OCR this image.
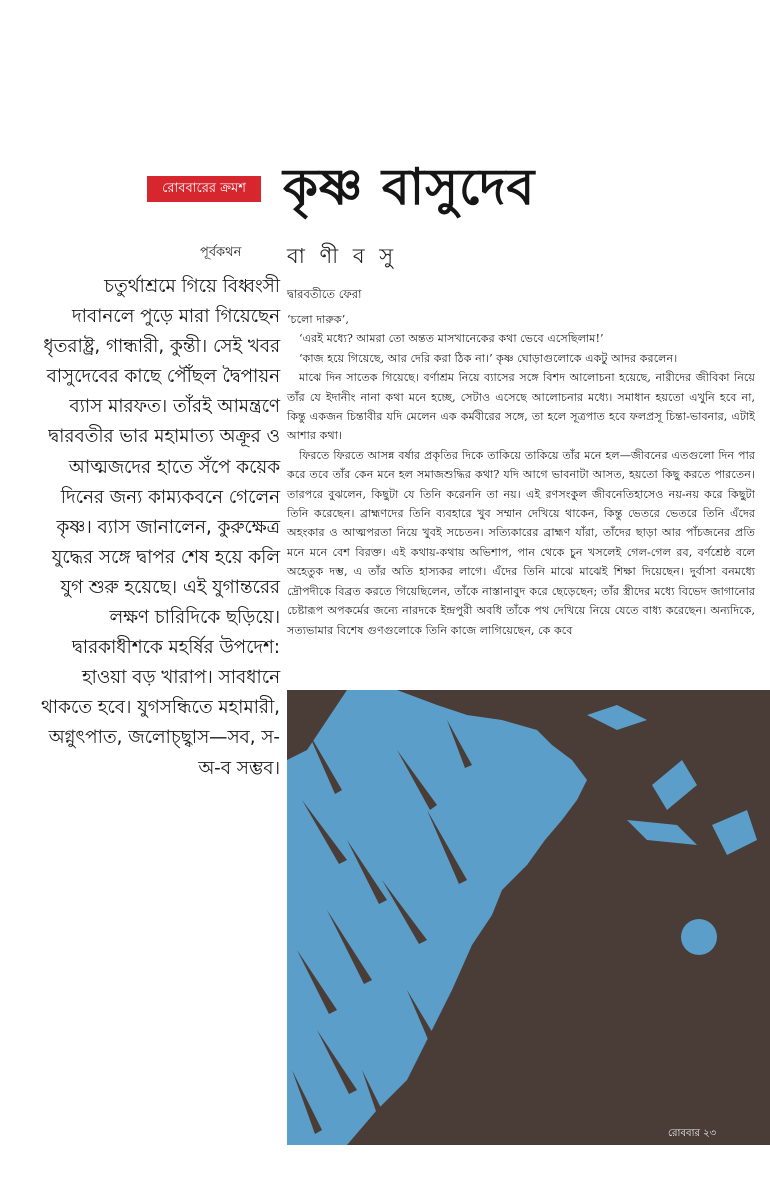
রোববারের ক্রমশ কৃষ্ণ বাসুদেব
পূর্বকথন বা ণী ব সু
চতুর্থাশ্রমে গিয়ে বিধ্বংসী দাবানলে পুড়ে মারা গিয়েছেন ধৃতরাষ্ট্র, গান্ধারী, কুন্তী। সেই খবর বাসুদেবের কাছে পৌঁছল দ্বৈপায়ন ব্যাস মারফত। তাঁরই আমন্ত্রণে দ্বারবতীর ভার মহামাত্য অক্রূর ও আত্মজদের হাতে সঁপে কয়েক দিনের জন্য কাম্যকবনে গেলেন কৃষ্ণ। ব্যাস জানালেন, কুরুক্ষেত্র যুদ্ধের সঙ্গে দ্বাপর শেষ হয়ে কলি যুগ শুরু হয়েছে। এই যুগান্তরের লক্ষণ চারিদিকে ছড়িয়ে। দ্বারকাধীশকে মহর্ষির উপদেশ: হাওয়া বড় খারাপ। সাবধানে থাকতে হবে। যুগসন্ধিতে মহামারী, অগ্নুৎপাত, জলোচ্ছ্বাস—সব, স-অ-ব সম্ভব।
দ্বারবতীতে ফেরা

‘চলো দারুক’,

‘এরই মধ্যে? আমরা তো অন্তত মাসখানেকের কথা ভেবে এসেছিলাম!’

‘কাজ হয়ে গিয়েছে, আর দেরি করা ঠিক না।’ কৃষ্ণ ঘোড়াগুলোকে একটু আদর করলেন।

মাঝে দিন সাতেক গিয়েছে। বর্ণাশ্রম নিয়ে ব্যাসের সঙ্গে বিশদ আলোচনা হয়েছে, নারীদের জীবিকা নিয়ে তাঁর যে ইদানীং নানা কথা মনে হচ্ছে, সেটাও এসেছে আলোচনার মধ্যে। সমাধান হয়তো এখুনি হবে না, কিন্তু একজন চিন্তাবীর যদি মেলেন এক কর্মবীরের সঙ্গে, তা হলে সূত্রপাত হবে ফলপ্রসূ চিন্তা-ভাবনার, এটাই আশার কথা।

ফিরতে ফিরতে আসন্ন বর্ষার প্রকৃতির দিকে তাকিয়ে তাকিয়ে তাঁর মনে হল—জীবনের এতগুলো দিন পার করে তবে তাঁর কেন মনে হল সমাজশুদ্ধির কথা? যদি আগে ভাবনাটা আসত, হয়তো কিছু করতে পারতেন। তারপরে বুঝলেন, কিছুটা যে তিনি করেননি তা নয়। এই রণসংকুল জীবনেতিহাসেও নয়-নয় করে কিছুটা তিনি করেছেন। ব্রাহ্মণদের তিনি ব্যবহারে খুব সম্মান দেখিয়ে থাকেন, কিন্তু ভেতরে ভেতরে তিনি এঁদের অহংকার ও আত্মপরতা নিয়ে খুবই সচেতন। সত্যিকারের ব্রাহ্মণ যাঁরা, তাঁদের ছাড়া আর পাঁচজনের প্রতি মনে মনে বেশ বিরক্ত। এই কথায়-কথায় অভিশাপ, পান থেকে চুন খসলেই গেল-গেল রব, বর্ণশ্রেষ্ঠ বলে অহেতুক দম্ভ, এ তাঁর অতি হাস্যকর লাগে। এঁদের তিনি মাঝে মাঝেই শিক্ষা দিয়েছেন। দুর্বাসা বনমধ্যে দ্রৌপদীকে বিব্রত করতে গিয়েছিলেন, তাঁকে নাস্তানাবুদ করে ছেড়েছেন; তাঁর স্ত্রীদের মধ্যে বিভেদ জাগানোর চেষ্টারূপ অপকর্মের জন্যে নারদকে ইন্দ্রপুরী অবধি তাঁকে পথ দেখিয়ে নিয়ে যেতে বাধ্য করেছেন। অন্যদিকে, সত্যভামার বিশেষ গুণগুলোকে তিনি কাজে লাগিয়েছেন, কে কবে

রোববার ২৩
